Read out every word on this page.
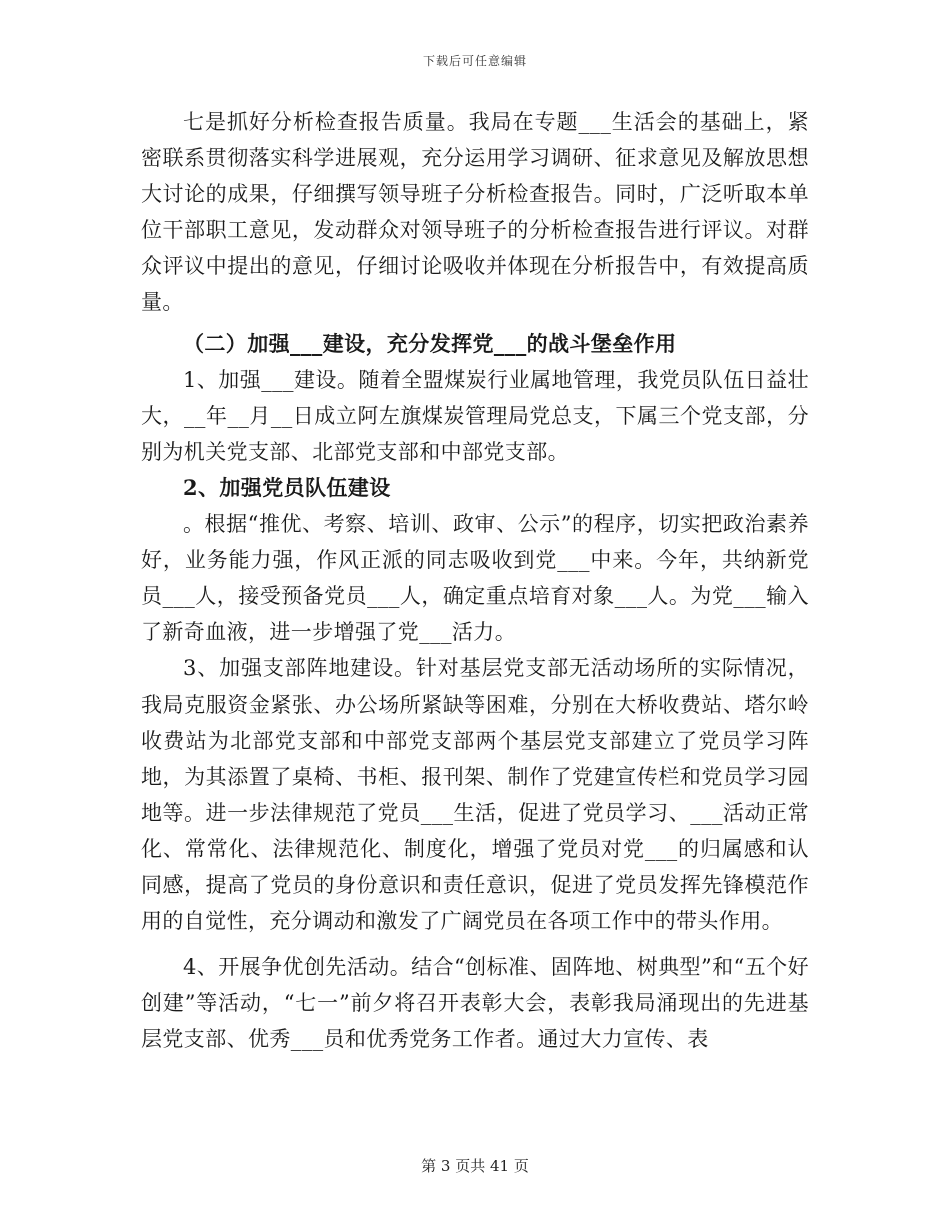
下载后可任意编辑

七是抓好分析检查报告质量。我局在专题___生活会的基础上，紧密联系贯彻落实科学进展观，充分运用学习调研、征求意见及解放思想大讨论的成果，仔细撰写领导班子分析检查报告。同时，广泛听取本单位干部职工意见，发动群众对领导班子的分析检查报告进行评议。对群众评议中提出的意见，仔细讨论吸收并体现在分析报告中，有效提高质量。

（二）加强___建设，充分发挥党___的战斗堡垒作用

1、加强___建设。随着全盟煤炭行业属地管理，我党员队伍日益壮大，__年__月__日成立阿左旗煤炭管理局党总支，下属三个党支部，分别为机关党支部、北部党支部和中部党支部。

2、加强党员队伍建设

。根据“推优、考察、培训、政审、公示”的程序，切实把政治素养好，业务能力强，作风正派的同志吸收到党___中来。今年，共纳新党员___人，接受预备党员___人，确定重点培育对象___人。为党___输入了新奇血液，进一步增强了党___活力。

3、加强支部阵地建设。针对基层党支部无活动场所的实际情况，我局克服资金紧张、办公场所紧缺等困难，分别在大桥收费站、塔尔岭收费站为北部党支部和中部党支部两个基层党支部建立了党员学习阵地，为其添置了桌椅、书柜、报刊架、制作了党建宣传栏和党员学习园地等。进一步法律规范了党员___生活，促进了党员学习、___活动正常化、常常化、法律规范化、制度化，增强了党员对党___的归属感和认同感，提高了党员的身份意识和责任意识，促进了党员发挥先锋模范作用的自觉性，充分调动和激发了广阔党员在各项工作中的带头作用。

4、开展争优创先活动。结合“创标准、固阵地、树典型”和“五个好创建”等活动，“七一”前夕将召开表彰大会，表彰我局涌现出的先进基层党支部、优秀___员和优秀党务工作者。通过大力宣传、表

第 3 页共 41 页
